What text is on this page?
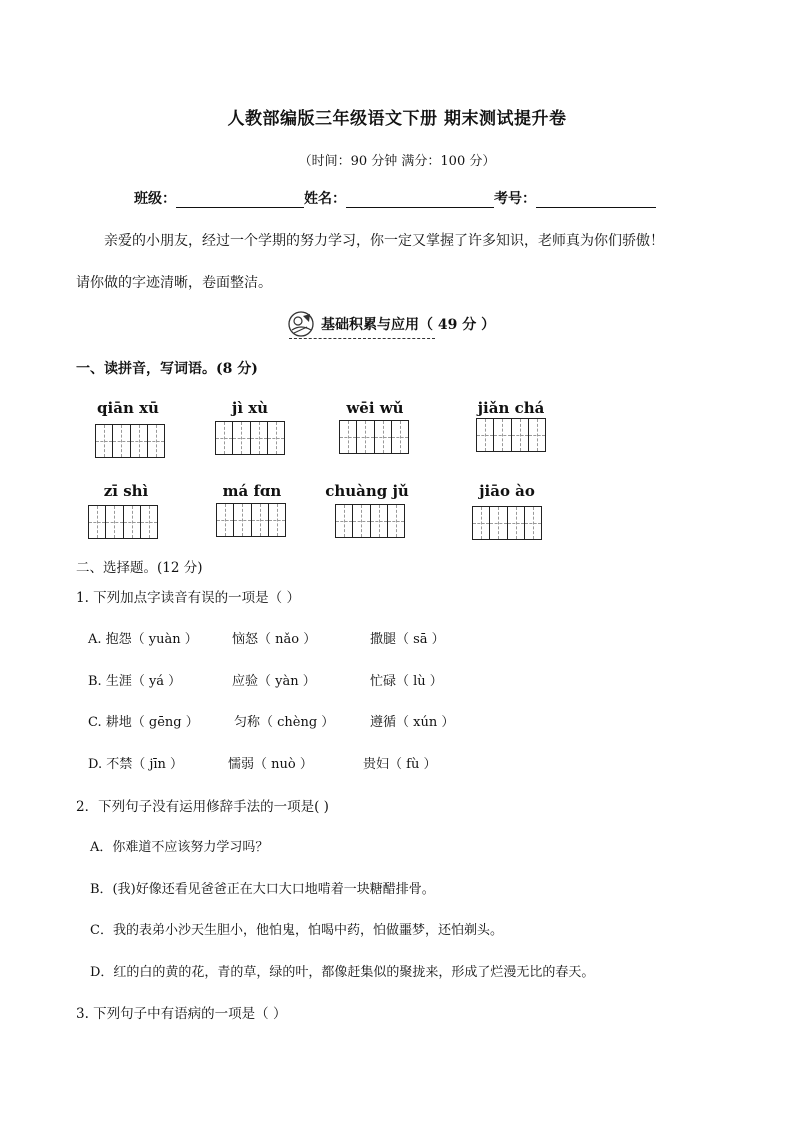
人教部编版三年级语文下册 期末测试提升卷
（时间：90 分钟 满分：100 分）
班级：	姓名：	考号：
亲爱的小朋友，经过一个学期的努力学习，你一定又掌握了许多知识，老师真为你们骄傲！
请你做的字迹清晰，卷面整洁。
基础积累与应用（ 49 分 ）
一、读拼音，写词语。(8 分)
qiān xū	jì xù	wēi wǔ	jiǎn chá
zī shì	má fɑn	chuàng jǔ	jiāo ào
二、选择题。(12 分)
1. 下列加点字读音有误的一项是（ ）
A. 抱怨（ yuàn ）	恼怒（ nǎo ）	撒腿（ sā ）
B. 生涯（ yá ）	应验（ yàn ）	忙碌（ lù ）
C. 耕地（ gēng ）	匀称（ chèng ）	遵循（ xún ）
D. 不禁（ jīn ）	懦弱（ nuò ）	贵妇（ fù ）
2．下列句子没有运用修辞手法的一项是( )
A．你难道不应该努力学习吗？
B．(我)好像还看见爸爸正在大口大口地啃着一块糖醋排骨。
C．我的表弟小沙天生胆小，他怕鬼，怕喝中药，怕做噩梦，还怕剃头。
D．红的白的黄的花，青的草，绿的叶，都像赶集似的聚拢来，形成了烂漫无比的春天。
3. 下列句子中有语病的一项是（ ）
